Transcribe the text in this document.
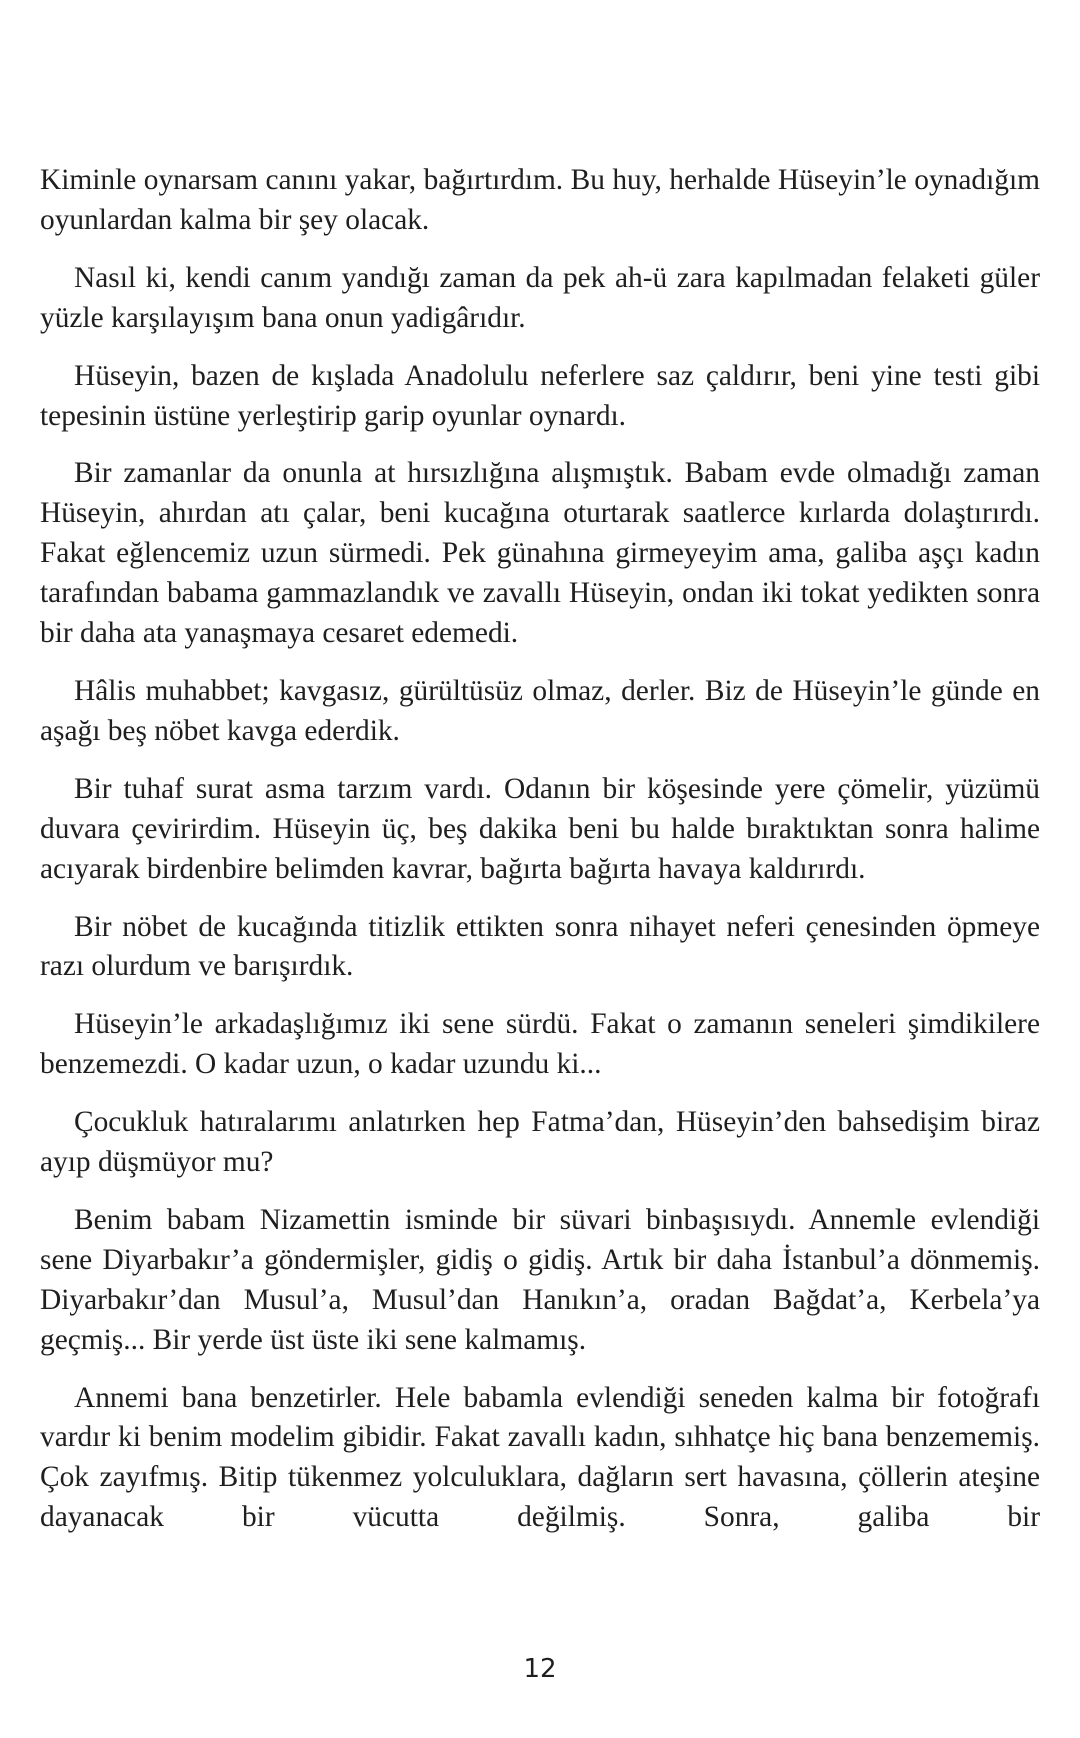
Kiminle oynarsam canını yakar, bağırtırdım. Bu huy, herhalde Hüseyin’le oynadığım oyunlardan kalma bir şey olacak.

Nasıl ki, kendi canım yandığı zaman da pek ah-ü zara kapılmadan felaketi güler yüzle karşılayışım bana onun yadigârıdır.

Hüseyin, bazen de kışlada Anadolulu neferlere saz çaldırır, beni yine testi gibi tepesinin üstüne yerleştirip garip oyunlar oynardı.

Bir zamanlar da onunla at hırsızlığına alışmıştık. Babam evde olmadığı zaman Hüseyin, ahırdan atı çalar, beni kucağına oturtarak saatlerce kırlarda dolaştırırdı. Fakat eğlencemiz uzun sürmedi. Pek günahına girmeyeyim ama, galiba aşçı kadın tarafından babama gammazlandık ve zavallı Hüseyin, ondan iki tokat yedikten sonra bir daha ata yanaşmaya cesaret edemedi.

Hâlis muhabbet; kavgasız, gürültüsüz olmaz, derler. Biz de Hüseyin’le günde en aşağı beş nöbet kavga ederdik.

Bir tuhaf surat asma tarzım vardı. Odanın bir köşesinde yere çömelir, yüzümü duvara çevirirdim. Hüseyin üç, beş dakika beni bu halde bıraktıktan sonra halime acıyarak birdenbire belimden kavrar, bağırta bağırta havaya kaldırırdı.

Bir nöbet de kucağında titizlik ettikten sonra nihayet neferi çenesinden öpmeye razı olurdum ve barışırdık.

Hüseyin’le arkadaşlığımız iki sene sürdü. Fakat o zamanın seneleri şimdikilere benzemezdi. O kadar uzun, o kadar uzundu ki...

Çocukluk hatıralarımı anlatırken hep Fatma’dan, Hüseyin’den bahsedişim biraz ayıp düşmüyor mu?

Benim babam Nizamettin isminde bir süvari binbaşısıydı. Annemle evlendiği sene Diyarbakır’a göndermişler, gidiş o gidiş. Artık bir daha İstanbul’a dönmemiş. Diyarbakır’dan Musul’a, Musul’dan Hanıkın’a, oradan Bağdat’a, Kerbela’ya geçmiş... Bir yerde üst üste iki sene kalmamış.

Annemi bana benzetirler. Hele babamla evlendiği seneden kalma bir fotoğrafı vardır ki benim modelim gibidir. Fakat zavallı kadın, sıhhatçe hiç bana benzememiş. Çok zayıfmış. Bitip tükenmez yolculuklara, dağların sert havasına, çöllerin ateşine dayanacak bir vücutta değilmiş. Sonra, galiba bir

12
